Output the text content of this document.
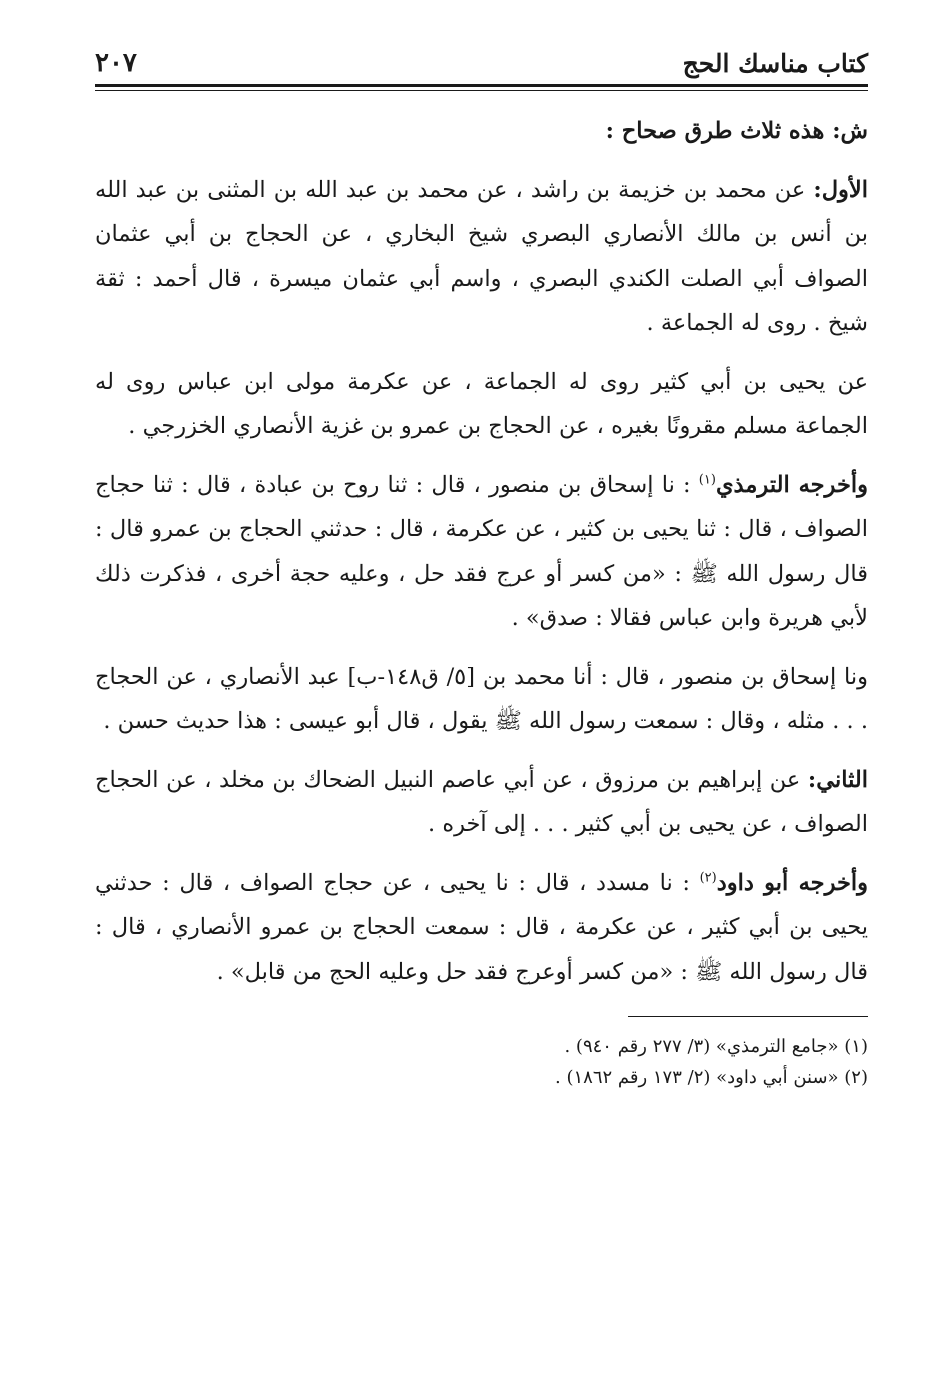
كتاب مناسك الحج
٢٠٧

ش: هذه ثلاث طرق صحاح :

الأول: عن محمد بن خزيمة بن راشد ، عن محمد بن عبد الله بن المثنى بن عبد الله بن أنس بن مالك الأنصاري البصري شيخ البخاري ، عن الحجاج بن أبي عثمان الصواف أبي الصلت الكندي البصري ، واسم أبي عثمان ميسرة ، قال أحمد : ثقة شيخ . روى له الجماعة .

عن يحيى بن أبي كثير روى له الجماعة ، عن عكرمة مولى ابن عباس روى له الجماعة مسلم مقرونًا بغيره ، عن الحجاج بن عمرو بن غزية الأنصاري الخزرجي .

وأخرجه الترمذي$^{(١)}$ : نا إسحاق بن منصور ، قال : ثنا روح بن عبادة ، قال : ثنا حجاج الصواف ، قال : ثنا يحيى بن كثير ، عن عكرمة ، قال : حدثني الحجاج بن عمرو قال : قال رسول الله ﷺ : «من كسر أو عرج فقد حل ، وعليه حجة أخرى ، فذكرت ذلك لأبي هريرة وابن عباس فقالا : صدق» .

ونا إسحاق بن منصور ، قال : أنا محمد بن [٥/ ق١٤٨-ب] عبد الأنصاري ، عن الحجاج . . . مثله ، وقال : سمعت رسول الله ﷺ يقول ، قال أبو عيسى : هذا حديث حسن .

الثاني: عن إبراهيم بن مرزوق ، عن أبي عاصم النبيل الضحاك بن مخلد ، عن الحجاج الصواف ، عن يحيى بن أبي كثير . . . إلى آخره .

وأخرجه أبو داود$^{(٢)}$ : نا مسدد ، قال : نا يحيى ، عن حجاج الصواف ، قال : حدثني يحيى بن أبي كثير ، عن عكرمة ، قال : سمعت الحجاج بن عمرو الأنصاري ، قال : قال رسول الله ﷺ : «من كسر أوعرج فقد حل وعليه الحج من قابل» .

(١) «جامع الترمذي» (٣/ ٢٧٧ رقم ٩٤٠) .

(٢) «سنن أبي داود» (٢/ ١٧٣ رقم ١٨٦٢) .
